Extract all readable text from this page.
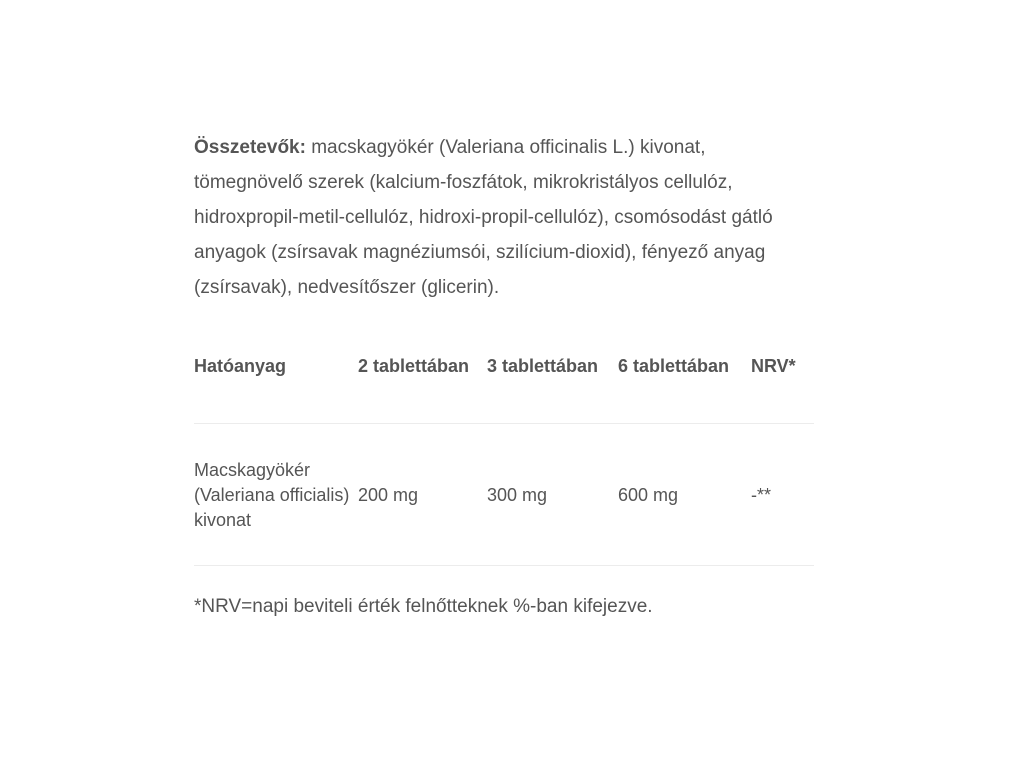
Összetevők: macskagyökér (Valeriana officinalis L.) kivonat, tömegnövelő szerek (kalcium-foszfátok, mikrokristályos cellulóz, hidroxpropil-metil-cellulóz, hidroxi-propil-cellulóz), csomósodást gátló anyagok (zsírsavak magnéziumsói, szilícium-dioxid), fényező anyag (zsírsavak), nedvesítőszer (glicerin).

Hatóanyag	2 tablettában	3 tablettában	6 tablettában	NRV*
Macskagyökér (Valeriana officialis) kivonat	200 mg	300 mg	600 mg	-**

*NRV=napi beviteli érték felnőtteknek %-ban kifejezve.
